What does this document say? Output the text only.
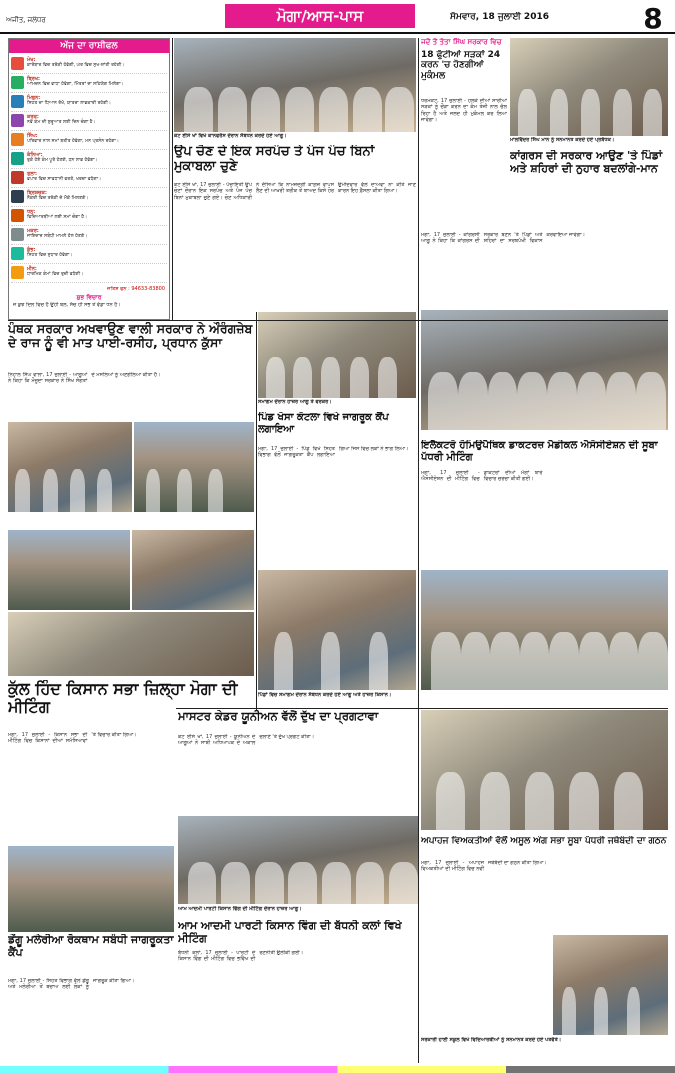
ਅਜੀਤ, ਜਲੰਧਰ	ਮੋਗਾ/ਆਸ-ਪਾਸ	ਸੋਮਵਾਰ, 18 ਜੁਲਾਈ 2016	8
ਅੱਜ ਦਾ ਰਾਸ਼ੀਫਲ
ਮੇਖ:
ਕਾਰੋਬਾਰ ਵਿਚ ਤਰੱਕੀ ਹੋਵੇਗੀ, ਘਰ ਵਿਚ ਸੁਖ-ਸ਼ਾਂਤੀ ਰਹੇਗੀ।
ਬ੍ਰਿਖ:
ਆਮਦਨ ਵਿਚ ਵਾਧਾ ਹੋਵੇਗਾ, ਮਿੱਤਰਾਂ ਦਾ ਸਹਿਯੋਗ ਮਿਲੇਗਾ।
ਮਿਥੁਨ:
ਸਿਹਤ ਦਾ ਧਿਆਨ ਰੱਖੋ, ਯਾਤਰਾ ਲਾਭਕਾਰੀ ਰਹੇਗੀ।
ਕਰਕ:
ਨਵੇਂ ਕੰਮ ਦੀ ਸ਼ੁਰੂਆਤ ਲਈ ਦਿਨ ਚੰਗਾ ਹੈ।
ਸਿੰਘ:
ਪਰਿਵਾਰ ਨਾਲ ਸਮਾਂ ਬਤੀਤ ਹੋਵੇਗਾ, ਮਨ ਪ੍ਰਸੰਨ ਰਹੇਗਾ।
ਕੰਨਿਆ:
ਰੁਕੇ ਹੋਏ ਕੰਮ ਪੂਰੇ ਹੋਣਗੇ, ਧਨ ਲਾਭ ਹੋਵੇਗਾ।
ਤੁਲਾ:
ਵਪਾਰ ਵਿਚ ਸਾਵਧਾਨੀ ਵਰਤੋ, ਖਰਚਾ ਵਧੇਗਾ।
ਬ੍ਰਿਸ਼ਚਕ:
ਨੌਕਰੀ ਵਿਚ ਤਰੱਕੀ ਦੇ ਮੌਕੇ ਮਿਲਣਗੇ।
ਧਨੁ:
ਵਿਦਿਆਰਥੀਆਂ ਲਈ ਸਮਾਂ ਚੰਗਾ ਹੈ।
ਮਕਰ:
ਜਾਇਦਾਦ ਸਬੰਧੀ ਮਾਮਲੇ ਹੱਲ ਹੋਣਗੇ।
ਕੁੰਭ:
ਸਿਹਤ ਵਿਚ ਸੁਧਾਰ ਹੋਵੇਗਾ।
ਮੀਨ:
ਧਾਰਮਿਕ ਕੰਮਾਂ ਵਿਚ ਰੁਚੀ ਵਧੇਗੀ।
ਜੋਤਿਸ਼ ਫੋਨ : 94633-83800
ਸ਼ੁਭ ਵਿਚਾਰ
ਜੋ ਕੁਝ ਦਿਲ ਵਿਚ ਹੈ ਉਹੀ ਬੋਲੋ, ਸੱਚ ਹੀ ਸਭ ਤੋਂ ਵੱਡਾ ਧਨ ਹੈ।
ਕੋਟ ਈਸੇ ਖਾਂ ਵਿਖੇ ਕਾਨਫਰੰਸ ਦੌਰਾਨ ਸੰਬੋਧਨ ਕਰਦੇ ਹੋਏ ਆਗੂ।
ਉਪ ਚੋਣ ਦੇ ਇਕ ਸਰਪੰਚ ਤੇ ਪੰਜ ਪੰਚ ਬਿਨਾਂ ਮੁਕਾਬਲਾ ਚੁਣੇ
ਕੋਟ ਈਸੇ ਖਾਂ, 17 ਜੁਲਾਈ - ਪੰਚਾਇਤੀ ਉਪ ਚੋਣਾਂ ਦੌਰਾਨ ਇਕ ਸਰਪੰਚ ਅਤੇ ਪੰਜ ਪੰਚ ਬਿਨਾਂ ਮੁਕਾਬਲਾ ਚੁਣੇ ਗਏ। ਚੋਣ ਅਧਿਕਾਰੀ ਨੇ ਦੱਸਿਆ ਕਿ ਨਾਮਜ਼ਦਗੀ ਕਾਗ਼ਜ਼ ਵਾਪਸ ਲੈਣ ਦੀ ਆਖ਼ਰੀ ਤਰੀਕ ਤੋਂ ਬਾਅਦ ਕਿਸੇ ਹੋਰ ਉਮੀਦਵਾਰ ਵੱਲੋਂ ਦਾਅਵਾ ਨਾ ਕੀਤੇ ਜਾਣ ਕਾਰਨ ਇਹ ਫ਼ੈਸਲਾ ਕੀਤਾ ਗਿਆ।
ਜਦੋਂ ਤੋਂ ਤੋਤਾ ਸਿੰਘ ਸਰਕਾਰ ਵਿਚ
18 ਫੁੱਟੀਆਂ ਸੜਕਾਂ 24 ਕਰਨ 'ਚ ਹੋਣਗੀਆਂ ਮੁਕੰਮਲ
ਧਰਮਕੋਟ, 17 ਜੁਲਾਈ - ਹਲਕੇ ਦੀਆਂ ਸਾਰੀਆਂ ਸੜਕਾਂ ਨੂੰ ਚੌੜਾ ਕਰਨ ਦਾ ਕੰਮ ਤੇਜ਼ੀ ਨਾਲ ਚੱਲ ਰਿਹਾ ਹੈ ਅਤੇ ਜਲਦ ਹੀ ਮੁਕੰਮਲ ਕਰ ਲਿਆ ਜਾਵੇਗਾ।
ਮਾਲਵਿੰਦਰ ਸਿੰਘ ਮਾਨ ਨੂੰ ਸਨਮਾਨਤ ਕਰਦੇ ਹੋਏ ਪ੍ਰਬੰਧਕ।
ਕਾਂਗਰਸ ਦੀ ਸਰਕਾਰ ਆਉਣ 'ਤੇ ਪਿੰਡਾਂ ਅਤੇ ਸ਼ਹਿਰਾਂ ਦੀ ਨੁਹਾਰ ਬਦਲਾਂਗੇ-ਮਾਨ
ਮੋਗਾ, 17 ਜੁਲਾਈ - ਕਾਂਗਰਸੀ ਆਗੂ ਨੇ ਕਿਹਾ ਕਿ ਕਾਂਗਰਸ ਦੀ ਸਰਕਾਰ ਬਣਨ 'ਤੇ ਪਿੰਡਾਂ ਅਤੇ ਸ਼ਹਿਰਾਂ ਦਾ ਸਰਬਪੱਖੀ ਵਿਕਾਸ ਕਰਵਾਇਆ ਜਾਵੇਗਾ।
ਪੰਥਕ ਸਰਕਾਰ ਅਖਵਾਉਣ ਵਾਲੀ ਸਰਕਾਰ ਨੇ ਔਰੰਗਜ਼ੇਬ ਦੇ ਰਾਜ ਨੂੰ ਵੀ ਮਾਤ ਪਾਈ-ਰਸੀਹ, ਪ੍ਰਧਾਨ ਕੁੱਸਾ
ਨਿਹਾਲ ਸਿੰਘ ਵਾਲਾ, 17 ਜੁਲਾਈ - ਆਗੂਆਂ ਨੇ ਕਿਹਾ ਕਿ ਮੌਜੂਦਾ ਸਰਕਾਰ ਨੇ ਸਿੱਖ ਸੰਗਤਾਂ ਦੇ ਮਸਲਿਆਂ ਨੂੰ ਅਣਗੌਲਿਆ ਕੀਤਾ ਹੈ।
ਸਮਾਗਮ ਦੌਰਾਨ ਹਾਜ਼ਰ ਆਗੂ ਤੇ ਵਰਕਰ।
ਪਿੰਡ ਖੋਸਾ ਕੋਟਲਾ ਵਿਖੇ ਜਾਗਰੂਕ ਕੈਂਪ ਲਗਾਇਆ
ਮੋਗਾ, 17 ਜੁਲਾਈ - ਪਿੰਡ ਵਿਖੇ ਸਿਹਤ ਵਿਭਾਗ ਵੱਲੋਂ ਜਾਗਰੂਕਤਾ ਕੈਂਪ ਲਗਾਇਆ ਗਿਆ ਜਿਸ ਵਿਚ ਲੋਕਾਂ ਨੇ ਭਾਗ ਲਿਆ।	ਇਲੈਕਟਰੋ ਹੋਮਿਉਪੈਥਿਕ ਡਾਕਟਰਜ਼ ਮੈਡੀਕਲ ਐਸੋਸੀਏਸ਼ਨ ਦੀ ਸੂਬਾ ਪੱਧਰੀ ਮੀਟਿੰਗ
ਮੋਗਾ, 17 ਜੁਲਾਈ - ਐਸੋਸੀਏਸ਼ਨ ਦੀ ਮੀਟਿੰਗ ਵਿਚ ਡਾਕਟਰਾਂ ਦੀਆਂ ਮੰਗਾਂ ਬਾਰੇ ਵਿਚਾਰ ਚਰਚਾ ਕੀਤੀ ਗਈ।
ਕੁੱਲ ਹਿੰਦ ਕਿਸਾਨ ਸਭਾ ਜ਼ਿਲ੍ਹਾ ਮੋਗਾ ਦੀ ਮੀਟਿੰਗ
ਮੋਗਾ, 17 ਜੁਲਾਈ - ਕਿਸਾਨ ਸਭਾ ਦੀ ਮੀਟਿੰਗ ਵਿਚ ਕਿਸਾਨਾਂ ਦੀਆਂ ਸਮੱਸਿਆਵਾਂ 'ਤੇ ਵਿਚਾਰ ਕੀਤਾ ਗਿਆ।
ਪਿੰਡਾਂ ਵਿਚ ਸਮਾਗਮ ਦੌਰਾਨ ਸੰਬੋਧਨ ਕਰਦੇ ਹੋਏ ਆਗੂ ਅਤੇ ਹਾਜ਼ਰ ਕਿਸਾਨ।
ਮਾਸਟਰ ਕੇਡਰ ਯੂਨੀਅਨ ਵੱਲੋਂ ਦੁੱਖ ਦਾ ਪ੍ਰਗਟਾਵਾ
ਕੋਟ ਈਸੇ ਖਾਂ, 17 ਜੁਲਾਈ - ਯੂਨੀਅਨ ਦੇ ਆਗੂਆਂ ਨੇ ਸਾਥੀ ਅਧਿਆਪਕ ਦੇ ਅਕਾਲ ਚਲਾਣੇ 'ਤੇ ਦੁੱਖ ਪ੍ਰਗਟ ਕੀਤਾ।
ਆਮ ਆਦਮੀ ਪਾਰਟੀ ਕਿਸਾਨ ਵਿੰਗ ਦੀ ਮੀਟਿੰਗ ਦੌਰਾਨ ਹਾਜ਼ਰ ਆਗੂ।
ਆਮ ਆਦਮੀ ਪਾਰਟੀ ਕਿਸਾਨ ਵਿੰਗ ਦੀ ਬੱਧਨੀ ਕਲਾਂ ਵਿਖੇ ਮੀਟਿੰਗ
ਬੱਧਨੀ ਕਲਾਂ, 17 ਜੁਲਾਈ - ਪਾਰਟੀ ਦੇ ਕਿਸਾਨ ਵਿੰਗ ਦੀ ਮੀਟਿੰਗ ਵਿਚ ਭਵਿੱਖ ਦੀ ਰਣਨੀਤੀ ਉਲੀਕੀ ਗਈ।
ਅਪਾਹਜ ਵਿਅਕਤੀਆਂ ਵੱਲੋਂ ਅਸੂਲ ਅੰਗ ਸਭਾ ਸੂਬਾ ਪੱਧਰੀ ਜਥੇਬੰਦੀ ਦਾ ਗਠਨ
ਮੋਗਾ, 17 ਜੁਲਾਈ - ਅਪਾਹਜ ਵਿਅਕਤੀਆਂ ਦੀ ਮੀਟਿੰਗ ਵਿਚ ਨਵੀਂ ਜਥੇਬੰਦੀ ਦਾ ਗਠਨ ਕੀਤਾ ਗਿਆ।
ਸਰਕਾਰੀ ਹਾਈ ਸਕੂਲ ਵਿਖੇ ਵਿਦਿਆਰਥੀਆਂ ਨੂੰ ਸਨਮਾਨਤ ਕਰਦੇ ਹੋਏ ਪਤਵੰਤੇ।
ਡੇਂਗੂ ਮਲੇਰੀਆ ਰੋਕਥਾਮ ਸਬੰਧੀ ਜਾਗਰੂਕਤਾ ਕੈਂਪ
ਮੋਗਾ, 17 ਜੁਲਾਈ - ਸਿਹਤ ਵਿਭਾਗ ਵੱਲੋਂ ਡੇਂਗੂ ਅਤੇ ਮਲੇਰੀਆ ਤੋਂ ਬਚਾਅ ਲਈ ਲੋਕਾਂ ਨੂੰ ਜਾਗਰੂਕ ਕੀਤਾ ਗਿਆ।
